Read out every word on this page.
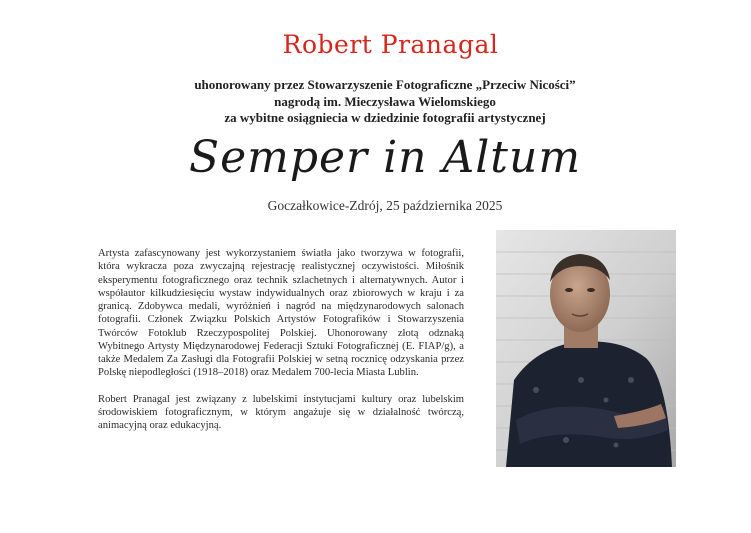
Robert Pranagal
uhonorowany przez Stowarzyszenie Fotograficzne „Przeciw Nicości”
nagrodą im. Mieczysława Wielomskiego
za wybitne osiągniecia w dziedzinie fotografii artystycznej
Semper in Altum
Goczałkowice-Zdrój, 25 października 2025

Artysta zafascynowany jest wykorzystaniem światła jako tworzywa w fotografii, która wykracza poza zwyczajną rejestrację realistycznej oczywistości. Miłośnik eksperymentu fotograficznego oraz technik szlachetnych i alternatywnych. Autor i współautor kilkudziesięciu wystaw indywidualnych oraz zbiorowych w kraju i za granicą. Zdobywca medali, wyróżnień i nagród na międzynarodowych salonach fotografii. Członek Związku Polskich Artystów Fotografików i Stowarzyszenia Twórców Fotoklub Rzeczypospolitej Polskiej. Uhonorowany złotą odznaką Wybitnego Artysty Międzynarodowej Federacji Sztuki Fotograficznej (E. FIAP/g), a także Medalem Za Zasługi dla Fotografii Polskiej w setną rocznicę odzyskania przez Polskę niepodległości (1918–2018) oraz Medalem 700-lecia Miasta Lublin.

Robert Pranagal jest związany z lubelskimi instytucjami kultury oraz lubelskim środowiskiem fotograficznym, w którym angażuje się w działalność twórczą, animacyjną oraz edukacyjną.
